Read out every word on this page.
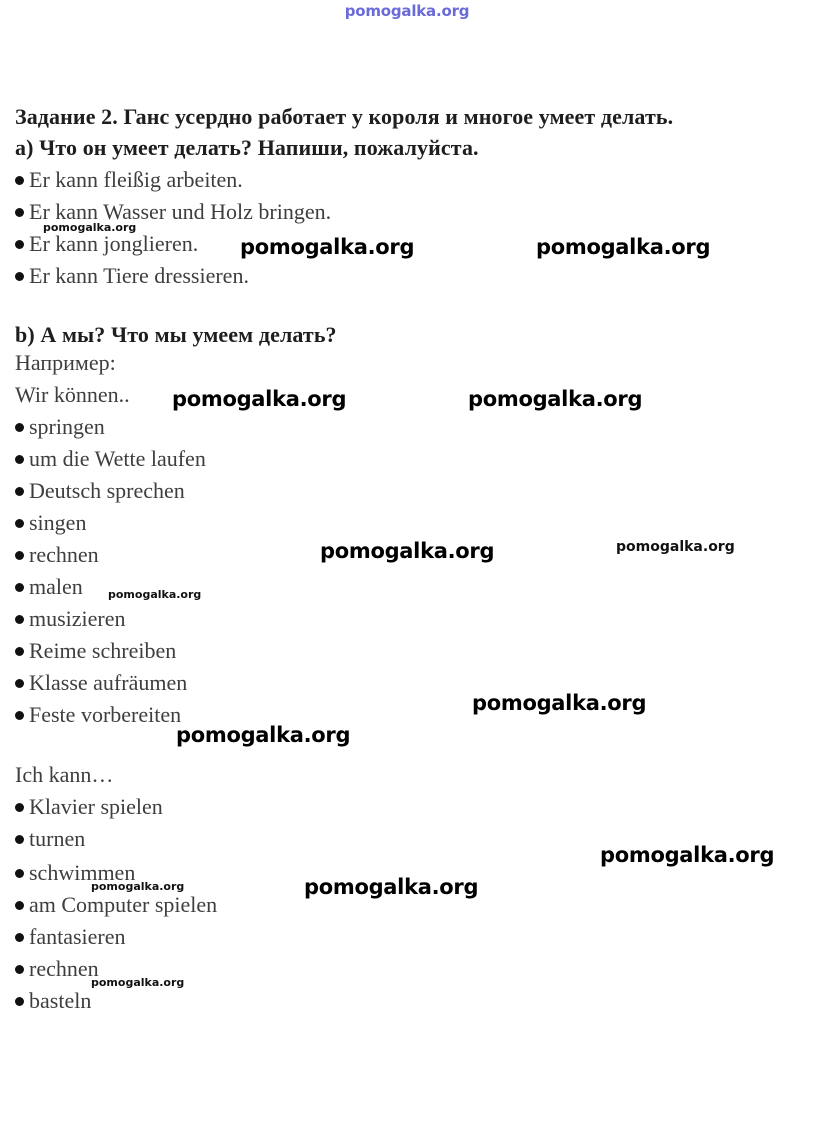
pomogalka.org
Задание 2. Ганс усердно работает у короля и многое умеет делать.
а) Что он умеет делать? Напиши, пожалуйста.
Er kann fleißig arbeiten.
Er kann Wasser und Holz bringen.
Er kann jonglieren.
Er kann Tiere dressieren.
b) А мы? Что мы умеем делать?
Например:
Wir können..
springen
um die Wette laufen
Deutsch sprechen
singen
rechnen
malen
musizieren
Reime schreiben
Klasse aufräumen
Feste vorbereiten
Ich kann…
Klavier spielen
turnen
schwimmen
am Computer spielen
fantasieren
rechnen
basteln
pomogalka.org
pomogalka.org	pomogalka.org
pomogalka.org	pomogalka.org
pomogalka.org	pomogalka.org
pomogalka.org
pomogalka.org
pomogalka.org
pomogalka.org
pomogalka.org
pomogalka.org
pomogalka.org
